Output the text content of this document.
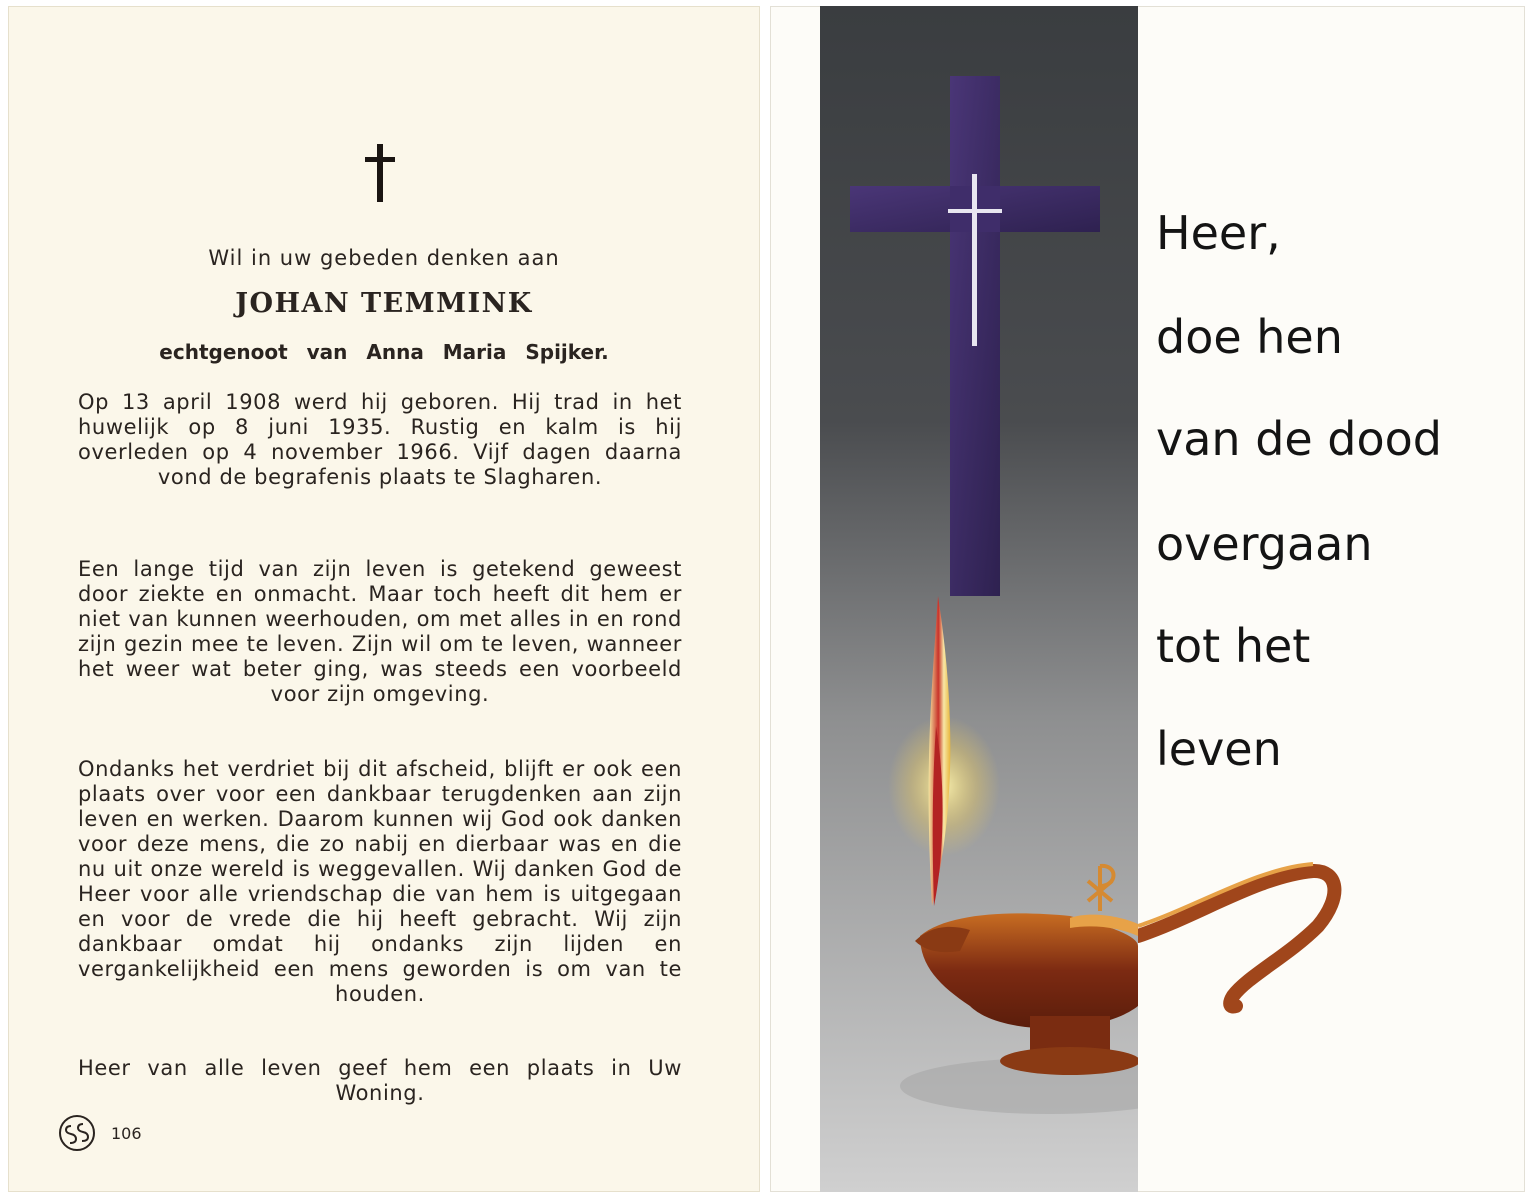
Wil in uw gebeden denken aan

JOHAN TEMMINK

echtgenoot van Anna Maria Spijker.

Op 13 april 1908 werd hij geboren. Hij trad in het huwelijk op 8 juni 1935. Rustig en kalm is hij overleden op 4 november 1966. Vijf dagen daarna vond de begrafenis plaats te Slagharen.

Een lange tijd van zijn leven is getekend geweest door ziekte en onmacht. Maar toch heeft dit hem er niet van kunnen weerhouden, om met alles in en rond zijn gezin mee te leven. Zijn wil om te leven, wanneer het weer wat beter ging, was steeds een voorbeeld voor zijn omgeving.

Ondanks het verdriet bij dit afscheid, blijft er ook een plaats over voor een dankbaar terugdenken aan zijn leven en werken. Daarom kunnen wij God ook danken voor deze mens, die zo nabij en dierbaar was en die nu uit onze wereld is weggevallen. Wij danken God de Heer voor alle vriendschap die van hem is uitgegaan en voor de vrede die hij heeft gebracht. Wij zijn dankbaar omdat hij ondanks zijn lijden en vergankelijkheid een mens geworden is om van te houden.

Heer van alle leven geef hem een plaats in Uw Woning.

106

Heer,

doe hen

van de dood

overgaan

tot het

leven
